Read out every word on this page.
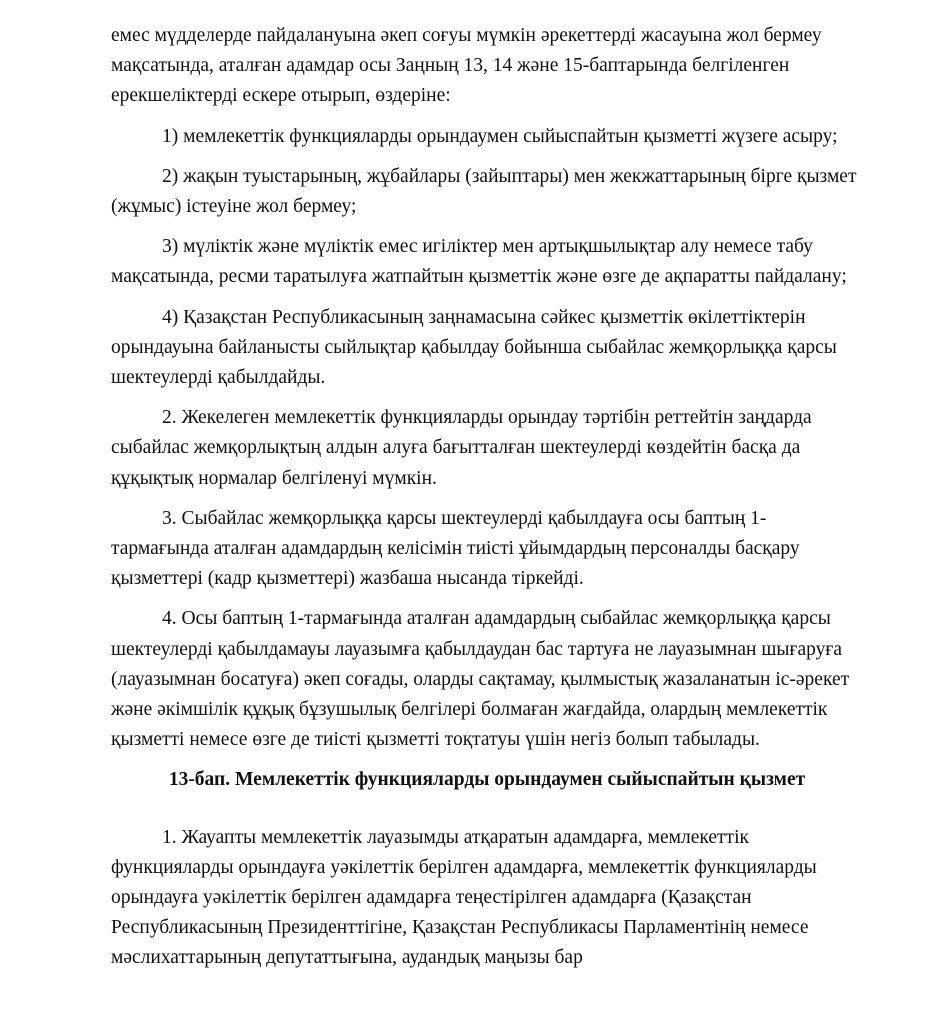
емес мүдделерде пайдалануына әкеп соғуы мүмкін әрекеттерді жасауына жол бермеу мақсатында, аталған адамдар осы Заңның 13, 14 және 15-баптарында белгіленген ерекшеліктерді ескере отырып, өздеріне:

1) мемлекеттік функцияларды орындаумен сыйыспайтын қызметті жүзеге асыру;

2) жақын туыстарының, жұбайлары (зайыптары) мен жекжаттарының бірге қызмет (жұмыс) істеуіне жол бермеу;

3) мүліктік және мүліктік емес игіліктер мен артықшылықтар алу немесе табу мақсатында, ресми таратылуға жатпайтын қызметтік және өзге де ақпаратты пайдалану;

4) Қазақстан Республикасының заңнамасына сәйкес қызметтік өкілеттіктерін орындауына байланысты сыйлықтар қабылдау бойынша сыбайлас жемқорлыққа қарсы шектеулерді қабылдайды.

2. Жекелеген мемлекеттік функцияларды орындау тәртібін реттейтін заңдарда сыбайлас жемқорлықтың алдын алуға бағытталған шектеулерді көздейтін басқа да құқықтық нормалар белгіленуі мүмкін.

3. Сыбайлас жемқорлыққа қарсы шектеулерді қабылдауға осы баптың 1-тармағында аталған адамдардың келісімін тиісті ұйымдардың персоналды басқару қызметтері (кадр қызметтері) жазбаша нысанда тіркейді.

4. Осы баптың 1-тармағында аталған адамдардың сыбайлас жемқорлыққа қарсы шектеулерді қабылдамауы лауазымға қабылдаудан бас тартуға не лауазымнан шығаруға (лауазымнан босатуға) әкеп соғады, оларды сақтамау, қылмыстық жазаланатын іс-әрекет және әкімшілік құқық бұзушылық белгілері болмаған жағдайда, олардың мемлекеттік қызметті немесе өзге де тиісті қызметті тоқтатуы үшін негіз болып табылады.

13-бап. Мемлекеттік функцияларды орындаумен сыйыспайтын қызмет

1. Жауапты мемлекеттік лауазымды атқаратын адамдарға, мемлекеттік функцияларды орындауға уәкілеттік берілген адамдарға, мемлекеттік функцияларды орындауға уәкілеттік берілген адамдарға теңестірілген адамдарға (Қазақстан Республикасының Президенттігіне, Қазақстан Республикасы Парламентінің немесе мәслихаттарының депутаттығына, аудандық маңызы бар
